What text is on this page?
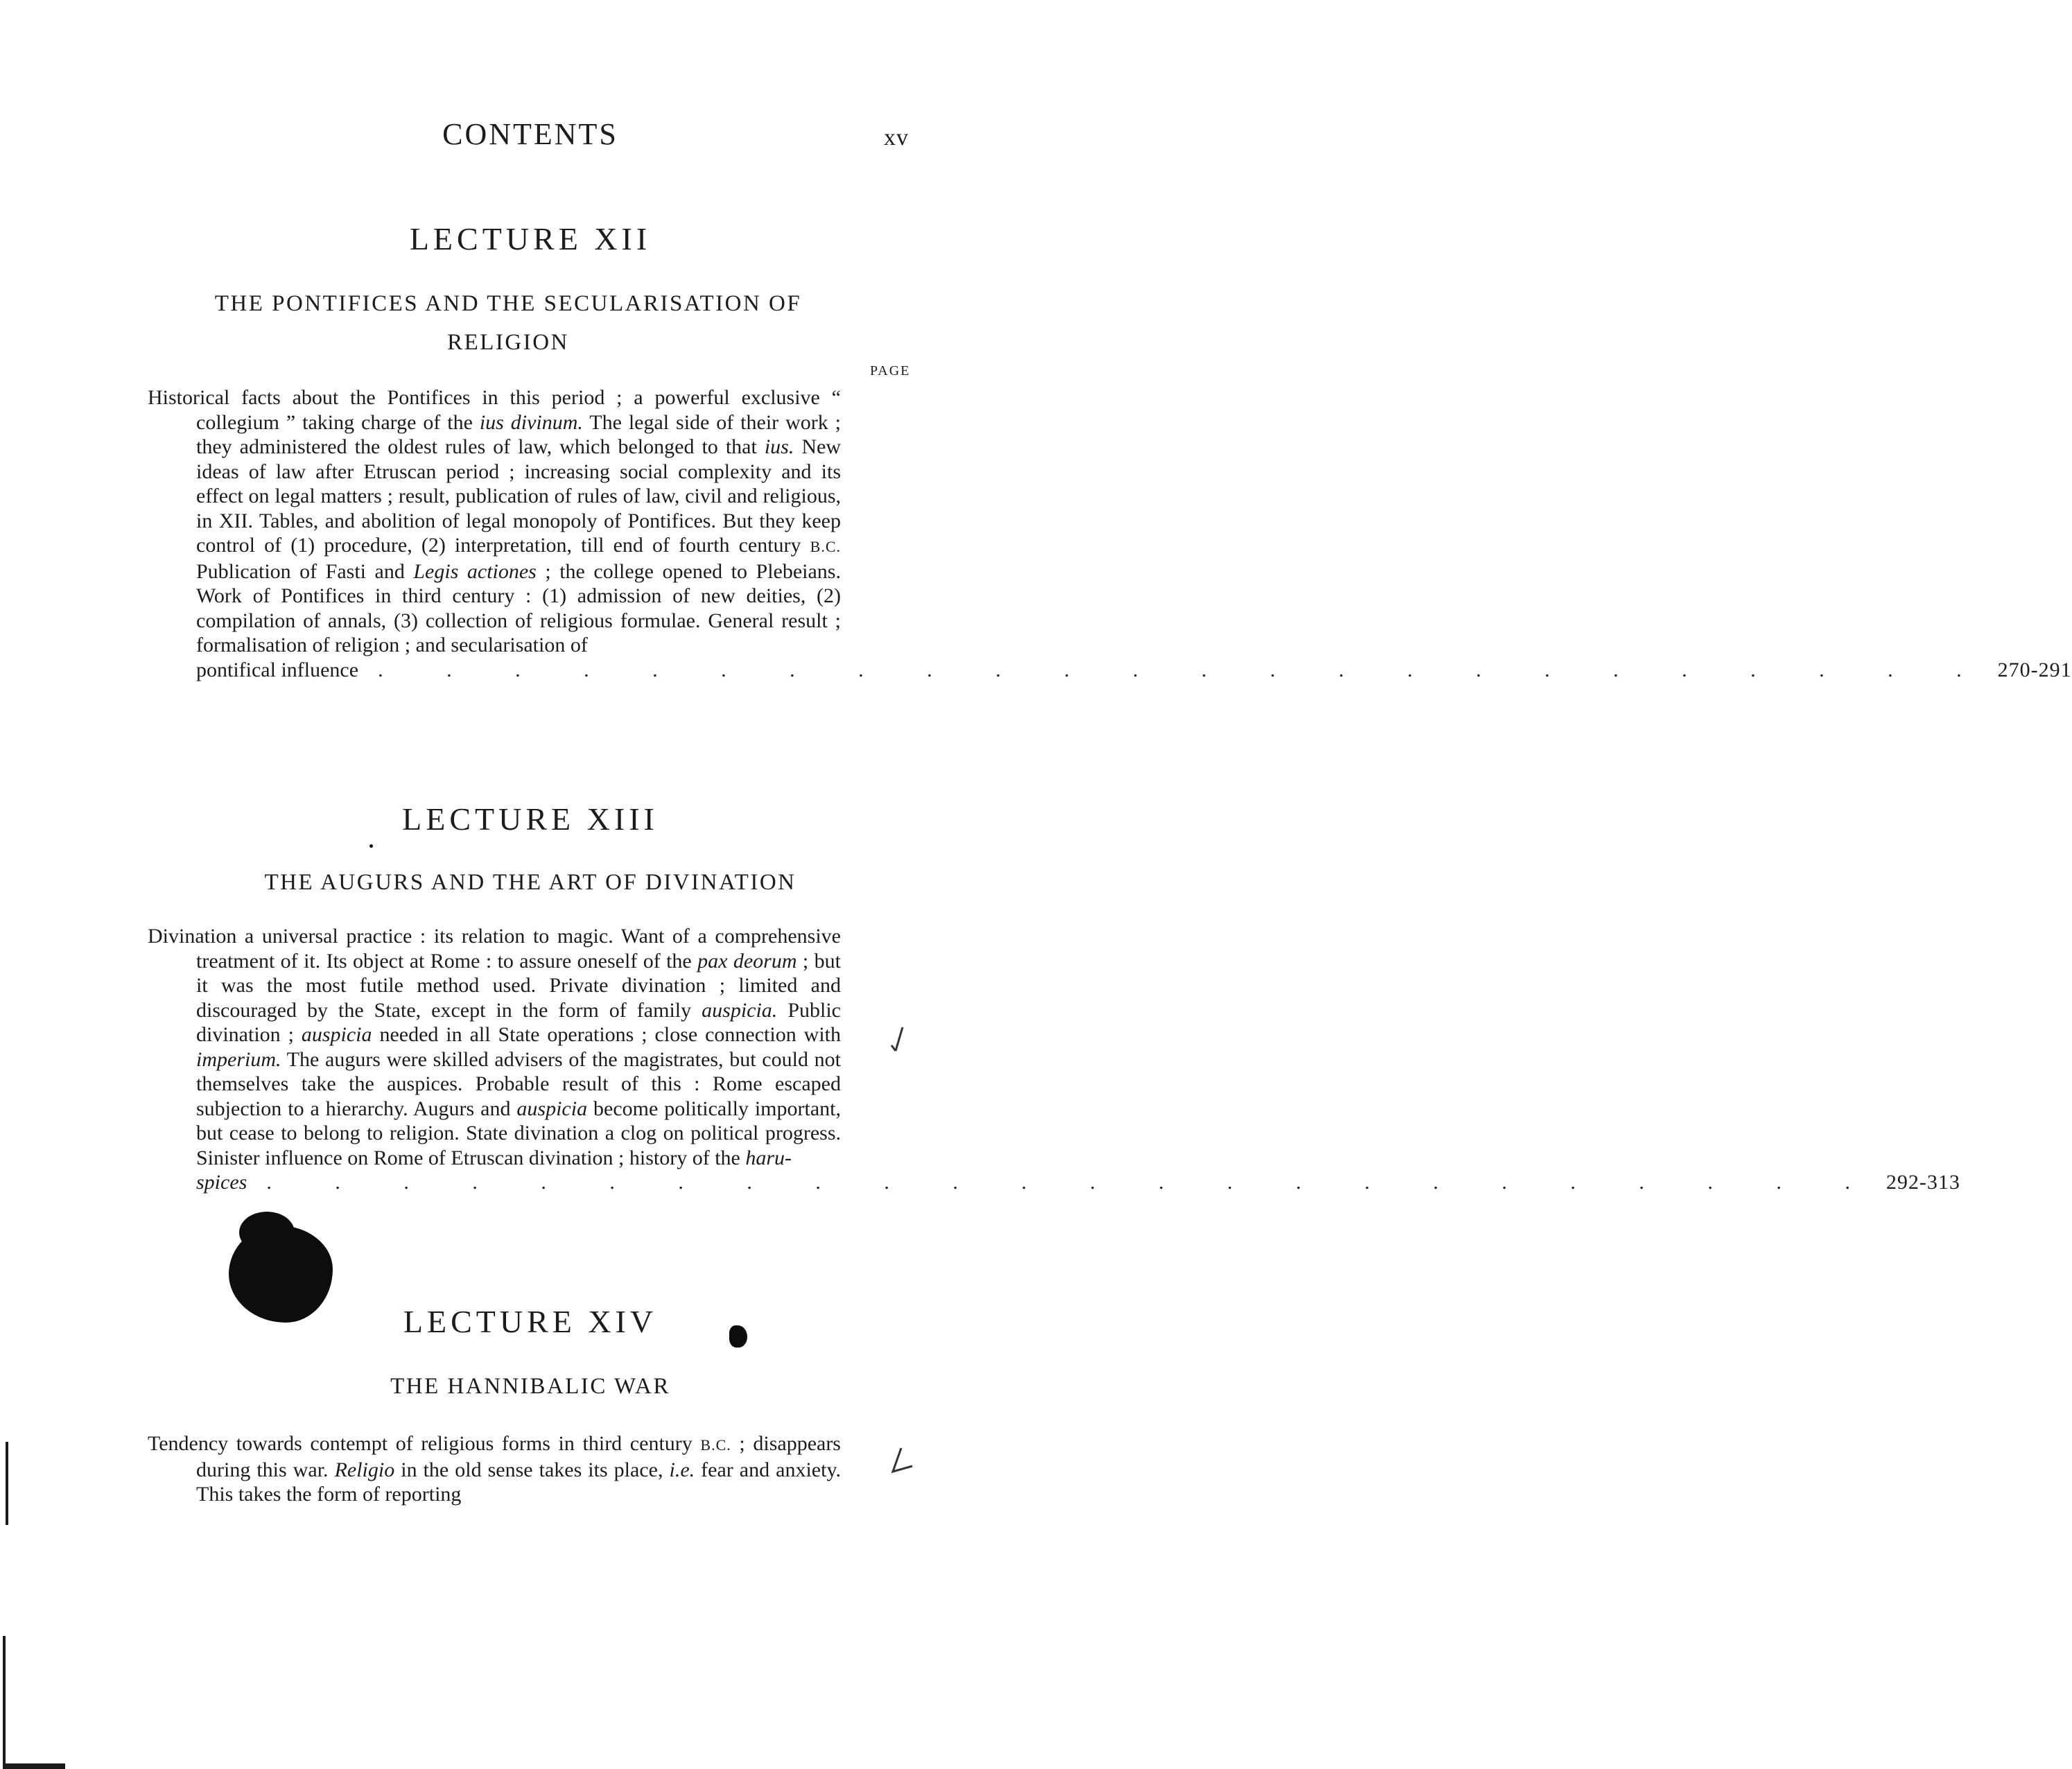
CONTENTS	xv
LECTURE XII
THE PONTIFICES AND THE SECULARISATION OF
RELIGION
PAGE

Historical facts about the Pontifices in this period ; a powerful exclusive “ collegium ” taking charge of the ius divinum. The legal side of their work ; they administered the oldest rules of law, which belonged to that ius. New ideas of law after Etruscan period ; increasing social complexity and its effect on legal matters ; result, publication of rules of law, civil and religious, in XII. Tables, and abolition of legal monopoly of Pontifices. But they keep control of (1) procedure, (2) interpretation, till end of fourth century B.C. Publication of Fasti and Legis actiones ; the college opened to Plebeians. Work of Pontifices in third century : (1) admission of new deities, (2) compilation of annals, (3) collection of religious formulae. General result ; formalisation of religion ; and secularisation of

pontifical influence . . . . . . . . . . . . . . . . . . . . . . . . 270-291
LECTURE XIII
THE AUGURS AND THE ART OF DIVINATION

Divination a universal practice : its relation to magic. Want of a comprehensive treatment of it. Its object at Rome : to assure oneself of the pax deorum ; but it was the most futile method used. Private divination ; limited and discouraged by the State, except in the form of family auspicia. Public divination ; auspicia needed in all State operations ; close connection with imperium. The augurs were skilled advisers of the magistrates, but could not themselves take the auspices. Probable result of this : Rome escaped subjection to a hierarchy. Augurs and auspicia become politically important, but cease to belong to religion. State divination a clog on political progress. Sinister influence on Rome of Etruscan divination ; history of the haru-

spices . . . . . . . . . . . . . . . . . . . . . . . . 292-313
LECTURE XIV
THE HANNIBALIC WAR

Tendency towards contempt of religious forms in third century B.C. ; disappears during this war. Religio in the old sense takes its place, i.e. fear and anxiety. This takes the form of reporting
